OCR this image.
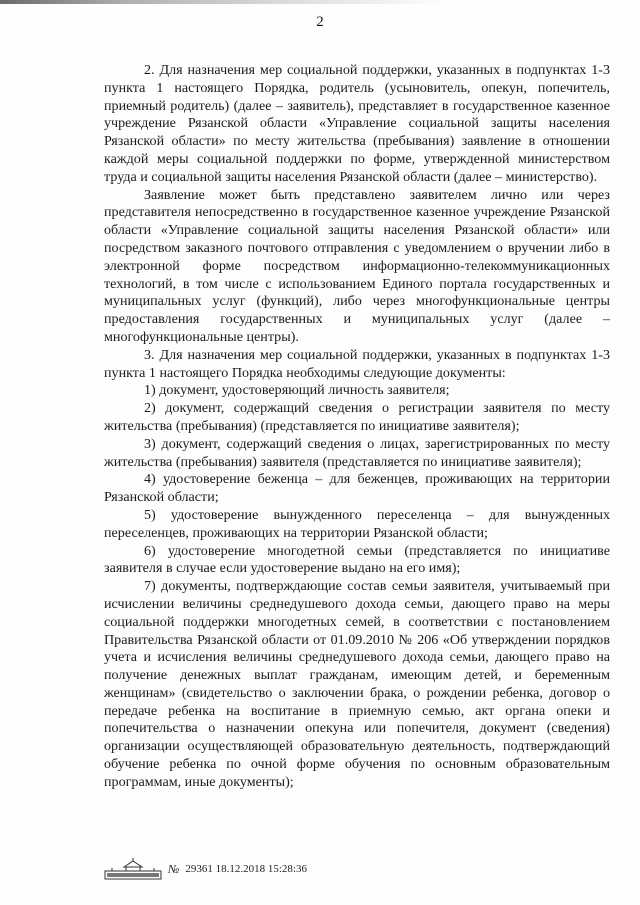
2

2. Для назначения мер социальной поддержки, указанных в подпунктах 1-3 пункта 1 настоящего Порядка, родитель (усыновитель, опекун, попечитель, приемный родитель) (далее – заявитель), представляет в государственное казенное учреждение Рязанской области «Управление социальной защиты населения Рязанской области» по месту жительства (пребывания) заявление в отношении каждой меры социальной поддержки по форме, утвержденной министерством труда и социальной защиты населения Рязанской области (далее – министерство).

Заявление может быть представлено заявителем лично или через представителя непосредственно в государственное казенное учреждение Рязанской области «Управление социальной защиты населения Рязанской области» или посредством заказного почтового отправления с уведомлением о вручении либо в электронной форме посредством информационно-телекоммуникационных технологий, в том числе с использованием Единого портала государственных и муниципальных услуг (функций), либо через многофункциональные центры предоставления государственных и муниципальных услуг (далее – многофункциональные центры).

3. Для назначения мер социальной поддержки, указанных в подпунктах 1-3 пункта 1 настоящего Порядка необходимы следующие документы:

1) документ, удостоверяющий личность заявителя;

2) документ, содержащий сведения о регистрации заявителя по месту жительства (пребывания) (представляется по инициативе заявителя);

3) документ, содержащий сведения о лицах, зарегистрированных по месту жительства (пребывания) заявителя (представляется по инициативе заявителя);

4) удостоверение беженца – для беженцев, проживающих на территории Рязанской области;

5) удостоверение вынужденного переселенца – для вынужденных переселенцев, проживающих на территории Рязанской области;

6) удостоверение многодетной семьи (представляется по инициативе заявителя в случае если удостоверение выдано на его имя);

7) документы, подтверждающие состав семьи заявителя, учитываемый при исчислении величины среднедушевого дохода семьи, дающего право на меры социальной поддержки многодетных семей, в соответствии с постановлением Правительства Рязанской области от 01.09.2010 № 206 «Об утверждении порядков учета и исчисления величины среднедушевого дохода семьи, дающего право на получение денежных выплат гражданам, имеющим детей, и беременным женщинам» (свидетельство о заключении брака, о рождении ребенка, договор о передаче ребенка на воспитание в приемную семью, акт органа опеки и попечительства о назначении опекуна или попечителя, документ (сведения) организации осуществляющей образовательную деятельность, подтверждающий обучение ребенка по очной форме обучения по основным образовательным программам, иные документы);

№ 29361 18.12.2018 15:28:36
